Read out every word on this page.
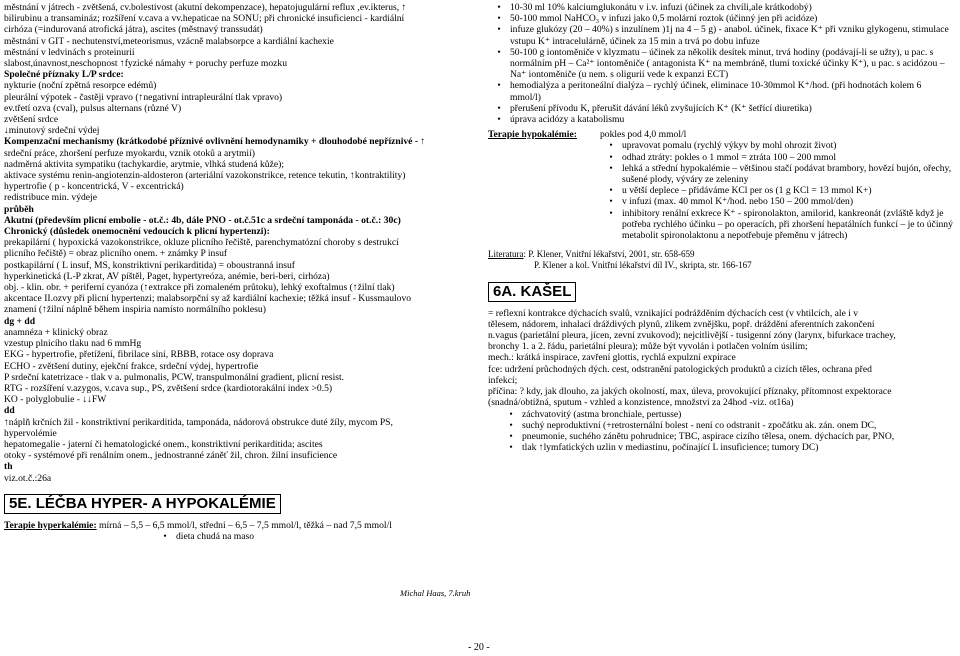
městnání v játrech - zvětšená, cv.bolestivost (akutní dekompenzace), hepatojugulární reflux ,ev.ikterus, ↑
bilirubinu a transamináz; rozšíření v.cava a vv.hepaticae na SONU; při chronické insuficienci - kardiální
cirhóza (=indurovaná atrofická játra), ascites (městnavý transsudát)
městnání v GIT - nechutenství,meteorismus, vzácně malabsorpce a kardiální kachexie
městnání v ledvinách s proteinurií
slabost,únavnost,neschopnost ↑fyzické námahy + poruchy perfuze mozku
Společné příznaky L/P srdce:
nykturie (noční zpětná resorpce edémů)
pleurální výpotek - častěji vpravo (↑negativní intrapleurální tlak vpravo)
ev.třetí ozva (cval), pulsus alternans (různé V)
zvětšení srdce
↓minutový srdeční výdej
Kompenzační mechanismy (krátkodobé příznivé ovlivnění hemodynamiky + dlouhodobé nepříznivé - ↑
srdeční práce, zhoršení perfuze myokardu, vznik otoků a arytmií)
nadměrná aktivita sympatiku (tachykardie, arytmie, vlhká studená kůže);
aktivace systému renin-angiotenzin-aldosteron (arteriální vazokonstrikce, retence tekutin, ↑kontraktility)
hypertrofie ( p - koncentrická, V - excentrická)
redistribuce min. výdeje
průběh
Akutní (především plicní embolie - ot.č.: 4b, dále PNO - ot.č.51c a srdeční tamponáda - ot.č.: 30c)
Chronický (důsledek onemocnění vedoucích k plicní hypertenzi):
prekapilární ( hypoxická vazokonstrikce, okluze plicního řečiště, parenchymatózní choroby s destrukcí
plicního řečiště) = obraz plicního onem. + známky P insuf
postkapilární ( L insuf, MS, konstriktivní perikarditida) = oboustranná insuf
hyperkinetická (L-P zkrat, AV píštěl, Paget, hypertyreóza, anémie, beri-beri, cirhóza)
obj. - klin. obr. + periferní cyanóza (↑extrakce při zomaleném průtoku), lehký exoftalmus (↑žilní tlak)
akcentace II.ozvy při plicní hypertenzi; malabsorpční sy až kardiální kachexie; těžká insuf - Kussmaulovo
znamení (↑žilní náplně během inspiria namísto normálního poklesu)
dg + dd
anamnéza + klinický obraz
vzestup plnicího tlaku nad 6 mmHg
EKG - hypertrofie, přetížení, fibrilace síní, RBBB, rotace osy doprava
ECHO - zvětšení dutiny, ejekční frakce, srdeční výdej, hypertrofie
P srdeční katetrizace - tlak v a. pulmonalis, PCW, transpulmonální gradient, plicní resist.
RTG - rozšíření v.azygos, v.cava sup., PS, zvětšení srdce (kardiotorakální index >0.5)
KO - polyglobulie - ↓↓FW
dd
↑náplň krčních žil - konstriktivní perikarditida, tamponáda, nádorová obstrukce duté žíly, mycom PS,
hypervolémie
hepatomegalie - jaterní či hematologické onem., konstriktivní perikarditida; ascites
otoky - systémové při renálním onem., jednostranné záněť žil, chron. žilní insuficience
th
viz.ot.č.:26a
5E. LÉČBA HYPER- A HYPOKALÉMIE
Terapie hyperkalémie: mírná – 5,5 – 6,5 mmol/l, střední – 6,5 – 7,5 mmol/l, těžká – nad 7,5 mmol/l
• dieta chudá na maso
Michal Haas, 7.kruh
• 10-30 ml 10% kalciumglukonátu v i.v. infuzi (účinek za chvíli,ale krátkodobý)
• 50-100 mmol NaHCO₃ v infuzi jako 0,5 molární roztok (účinný jen při acidóze)
• infuze glukózy (20 – 40%) s inzulínem )1j na 4 – 5 g) - anabol. účinek, fixace K⁺ při vzniku glykogenu, stimulace vstupu K⁺ intracelulárně, účinek za 15 min a trvá po dobu infuze
• 50-100 g iontoměniče v klyzmatu – účinek za několik desítek minut, trvá hodiny (podávají-li se užty), u pac. s normálním pH – Ca²⁺ iontoměniče ( antagonista K⁺ na membráně, tlumí toxické účinky K⁺), u pac. s acidózou – Na⁺ iontoměniče (u nem. s oligurií vede k expanzi ECT)
• hemodialýza a peritoneální dialýza – rychlý účinek, eliminace 10-30mmol K⁺/hod. (při hodnotách kolem 6 mmol/l)
• přerušení přívodu K, přerušit dávání léků zvyšujících K⁺ (K⁺ šetřící diuretika)
• úprava acidózy a katabolismu
Terapie hypokalémie:	pokles pod 4,0 mmol/l
• upravovat pomalu (rychlý výkyv by mohl ohrozit život)
• odhad ztráty: pokles o 1 mmol = ztráta 100 – 200 mmol
• lehká a střední hypokalémie – většinou stačí podávat brambory, hovězí bujón, ořechy, sušené plody, výváry ze zeleniny
• u větší deplece – přidáváme KCl per os (1 g KCl = 13 mmol K+)
• v infuzi (max. 40 mmol K⁺/hod. nebo 150 – 200 mmol/den)
• inhibitory renální exkrece K⁺ - spironolakton, amilorid, kankreonát (zvláště když je potřeba rychlého účinku – po operacích, při zhoršení hepatálních funkcí – je to účinný metabolit spironolaktonu a nepotřebuje přeměnu v játrech)
Literatura: P. Klener, Vnitřní lékařství, 2001, str. 658-659
P. Klener a kol. Vnitřní lékařství díl IV., skripta, str. 166-167
6A. KAŠEL
= reflexní kontrakce dýchacích svalů, vznikající podrážděním dýchacích cest (v vhtilcích, ale i v
tělesem, nádorem, inhalací dráždivých plynů, zlikem zvnějšku, popř. dráždění aferentních zakončení
n.vagus (parietální pleura, jícen, zevní zvukovod); nejcitlivější - tusigenní zóny (larynx, bifurkace trachey,
bronchy 1. a 2. řádu, parietální pleura); může být vyvolán i potlačen volním úsilím;
mech.: krátká inspirace, zavření glottis, rychlá expulzní expirace
fce: udržení průchodných dých. cest, odstranění patologických produktů a cizích těles, ochrana před
infekcí;
příčina: ? kdy, jak dlouho, za jakých okolností, max, úleva, provokující příznaky, přítomnost expektorace
(snadná/obtížná, sputum - vzhled a konzistence, množství za 24hod -viz. ot16a)
• záchvatovitý (astma bronchiale, pertusse)
• suchý neproduktivní (+retrosternální bolest - není co odstranit - zpočátku ak. zán. onem DC,
• pneumonie, suchého zánětu pohrudnice; TBC, aspirace cizího tělesa, onem. dýchacích par, PNO,
• tlak ↑lymfatických uzlin v mediastinu, počínající L insuficience; tumory DC)
- 20 -
